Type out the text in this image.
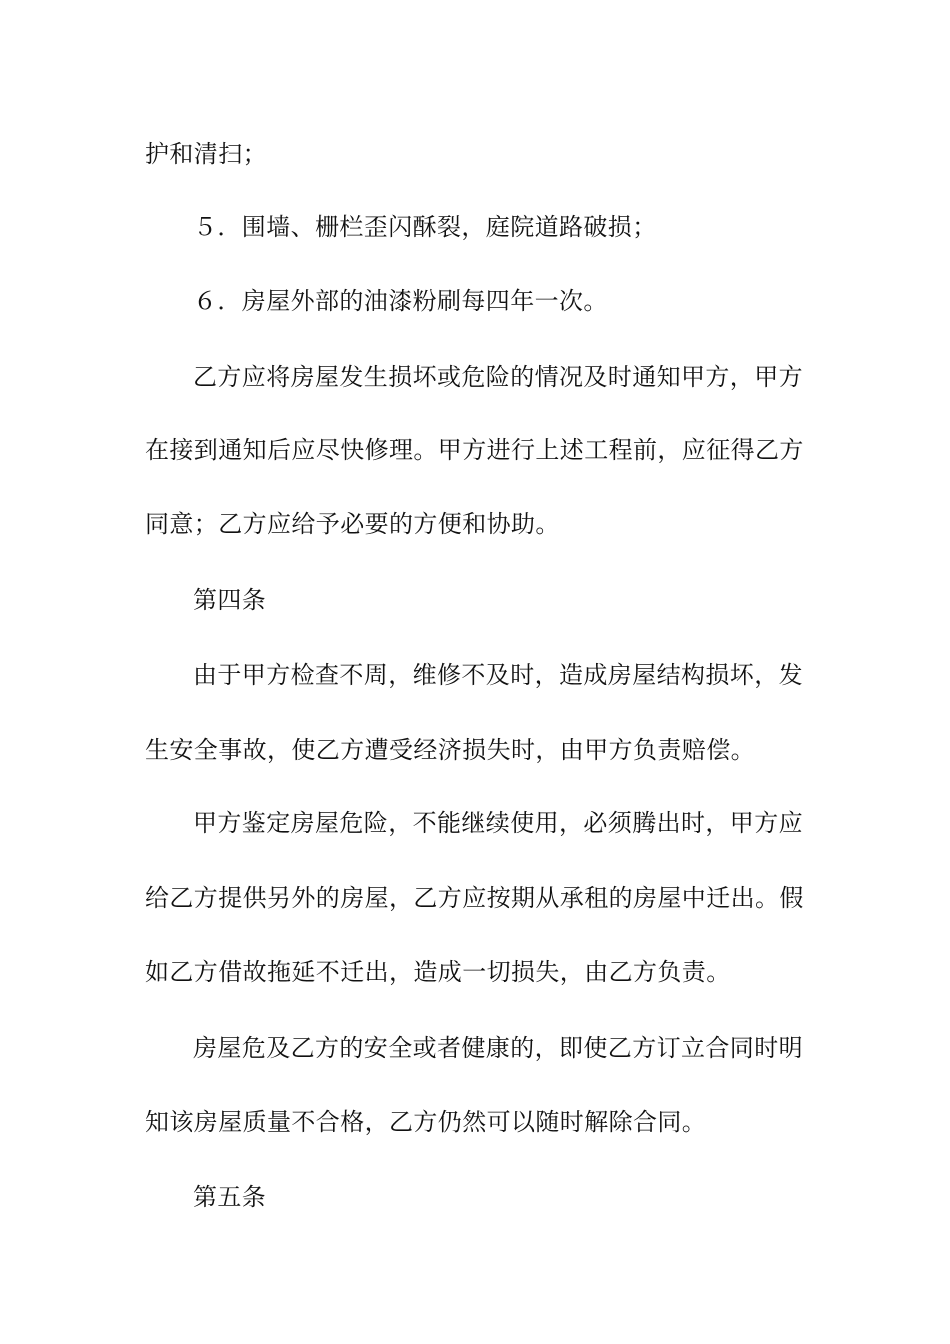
护和清扫；
５．围墙、栅栏歪闪酥裂，庭院道路破损；
６．房屋外部的油漆粉刷每四年一次。
乙方应将房屋发生损坏或危险的情况及时通知甲方，甲方
在接到通知后应尽快修理。甲方进行上述工程前，应征得乙方
同意；乙方应给予必要的方便和协助。
第四条
由于甲方检查不周，维修不及时，造成房屋结构损坏，发
生安全事故，使乙方遭受经济损失时，由甲方负责赔偿。
甲方鉴定房屋危险，不能继续使用，必须腾出时，甲方应
给乙方提供另外的房屋，乙方应按期从承租的房屋中迁出。假
如乙方借故拖延不迁出，造成一切损失，由乙方负责。
房屋危及乙方的安全或者健康的，即使乙方订立合同时明
知该房屋质量不合格，乙方仍然可以随时解除合同。
第五条
